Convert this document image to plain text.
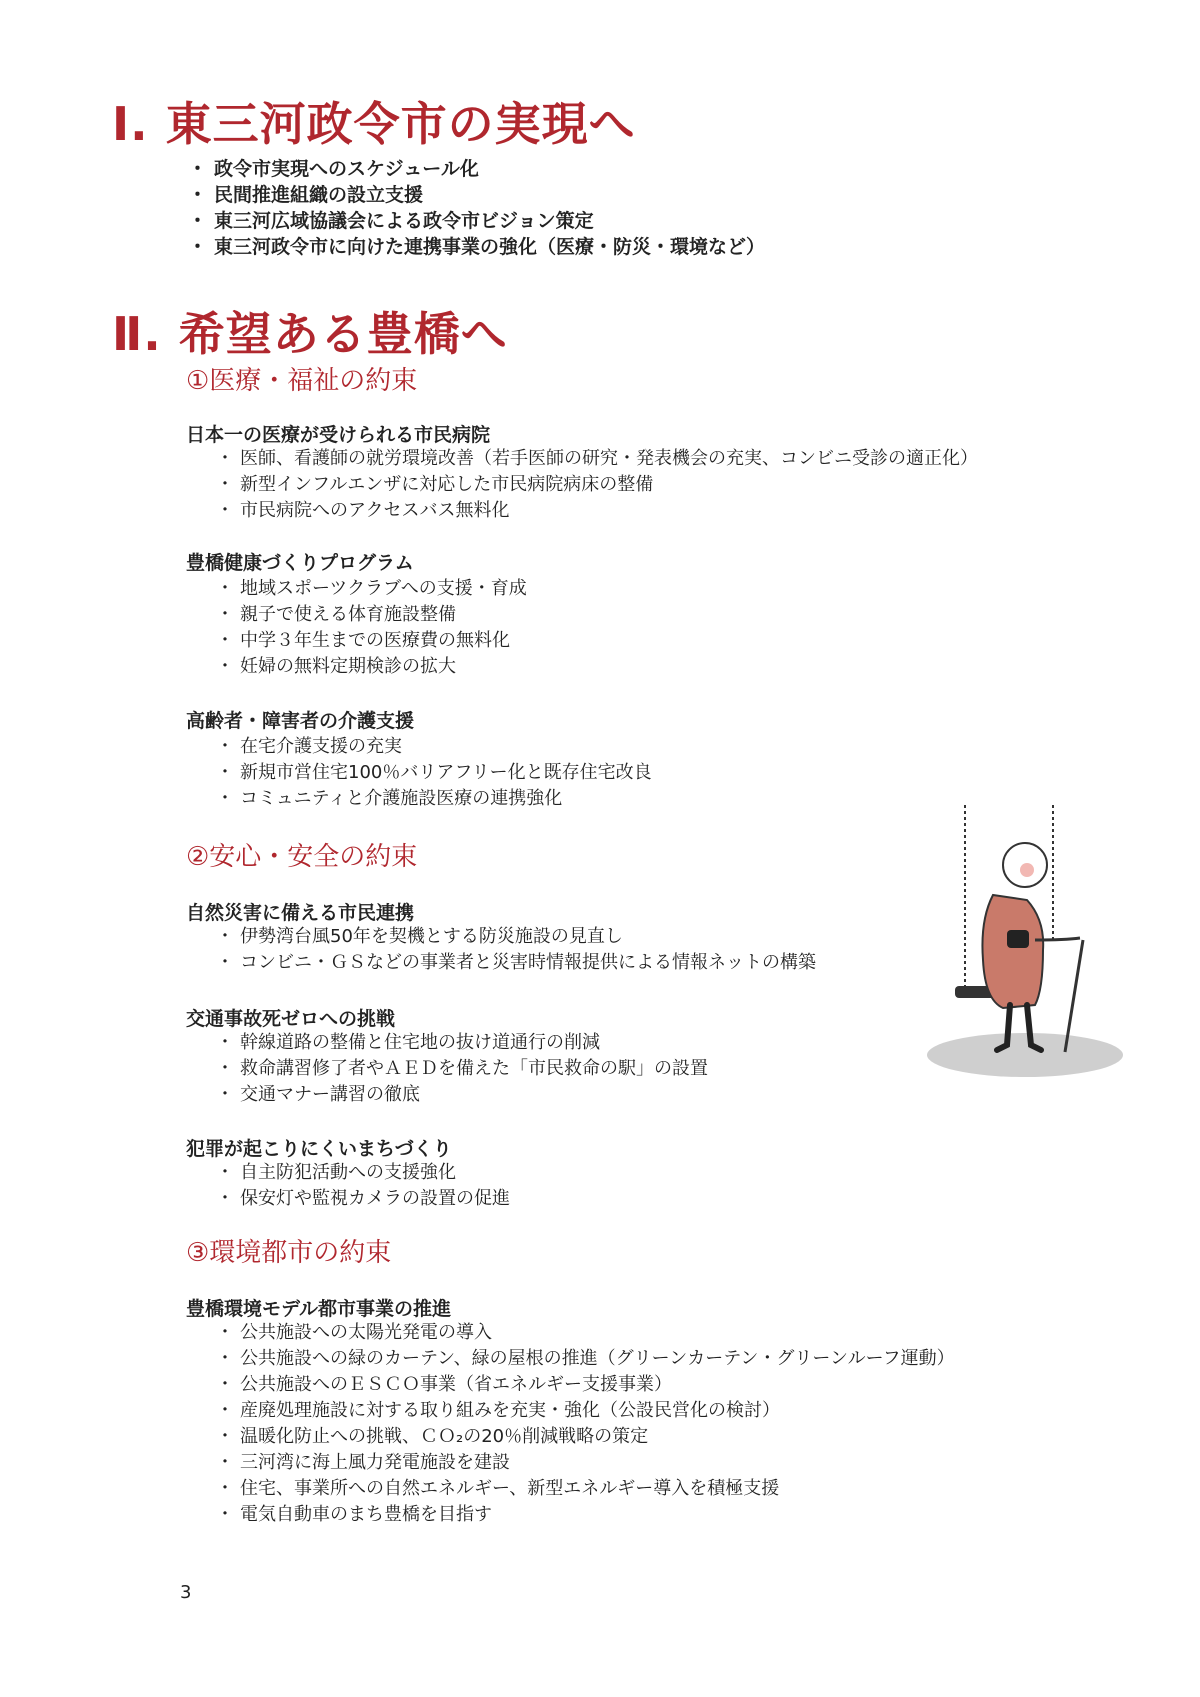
Ⅰ. 東三河政令市の実現へ
・ 政令市実現へのスケジュール化
・ 民間推進組織の設立支援
・ 東三河広域協議会による政令市ビジョン策定
・ 東三河政令市に向けた連携事業の強化（医療・防災・環境など）
Ⅱ. 希望ある豊橋へ
①医療・福祉の約束
日本一の医療が受けられる市民病院
・ 医師、看護師の就労環境改善（若手医師の研究・発表機会の充実、コンビニ受診の適正化）
・ 新型インフルエンザに対応した市民病院病床の整備
・ 市民病院へのアクセスバス無料化
豊橋健康づくりプログラム
・ 地域スポーツクラブへの支援・育成
・ 親子で使える体育施設整備
・ 中学３年生までの医療費の無料化
・ 妊婦の無料定期検診の拡大
高齢者・障害者の介護支援
・ 在宅介護支援の充実
・ 新規市営住宅100％バリアフリー化と既存住宅改良
・ コミュニティと介護施設医療の連携強化
②安心・安全の約束
自然災害に備える市民連携
・ 伊勢湾台風50年を契機とする防災施設の見直し
・ コンビニ・ＧＳなどの事業者と災害時情報提供による情報ネットの構築
交通事故死ゼロへの挑戦
・ 幹線道路の整備と住宅地の抜け道通行の削減
・ 救命講習修了者やＡＥＤを備えた「市民救命の駅」の設置
・ 交通マナー講習の徹底
犯罪が起こりにくいまちづくり
・ 自主防犯活動への支援強化
・ 保安灯や監視カメラの設置の促進
③環境都市の約束
豊橋環境モデル都市事業の推進
・ 公共施設への太陽光発電の導入
・ 公共施設への緑のカーテン、緑の屋根の推進（グリーンカーテン・グリーンルーフ運動）
・ 公共施設へのＥＳＣＯ事業（省エネルギー支援事業）
・ 産廃処理施設に対する取り組みを充実・強化（公設民営化の検討）
・ 温暖化防止への挑戦、ＣＯ₂の20％削減戦略の策定
・ 三河湾に海上風力発電施設を建設
・ 住宅、事業所への自然エネルギー、新型エネルギー導入を積極支援
・ 電気自動車のまち豊橋を目指す
3
